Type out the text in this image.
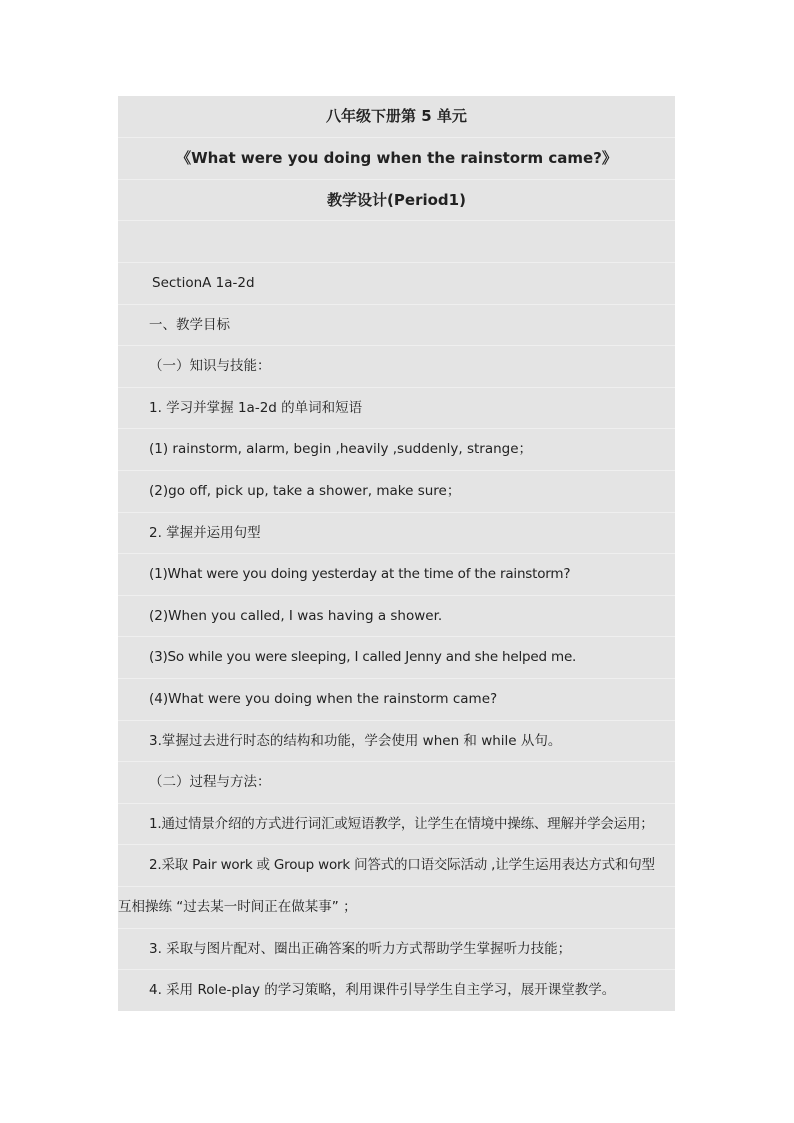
八年级下册第 5 单元
《What were you doing when the rainstorm came?》
教学设计(Period1)
SectionA 1a-2d
一、教学目标
（一）知识与技能：
1. 学习并掌握 1a-2d 的单词和短语
(1) rainstorm, alarm, begin ,heavily ,suddenly, strange；
(2)go off, pick up, take a shower, make sure；
2. 掌握并运用句型
(1)What were you doing yesterday at the time of the rainstorm?
(2)When you called, I was having a shower.
(3)So while you were sleeping, I called Jenny and she helped me.
(4)What were you doing when the rainstorm came?
3.掌握过去进行时态的结构和功能，学会使用 when 和 while 从句。
（二）过程与方法：
1.通过情景介绍的方式进行词汇或短语教学，让学生在情境中操练、理解并学会运用；
2.采取 Pair work 或 Group work 问答式的口语交际活动 ,让学生运用表达方式和句型
互相操练 “过去某一时间正在做某事” ；
3. 采取与图片配对、圈出正确答案的听力方式帮助学生掌握听力技能；
4. 采用 Role-play 的学习策略，利用课件引导学生自主学习，展开课堂教学。
